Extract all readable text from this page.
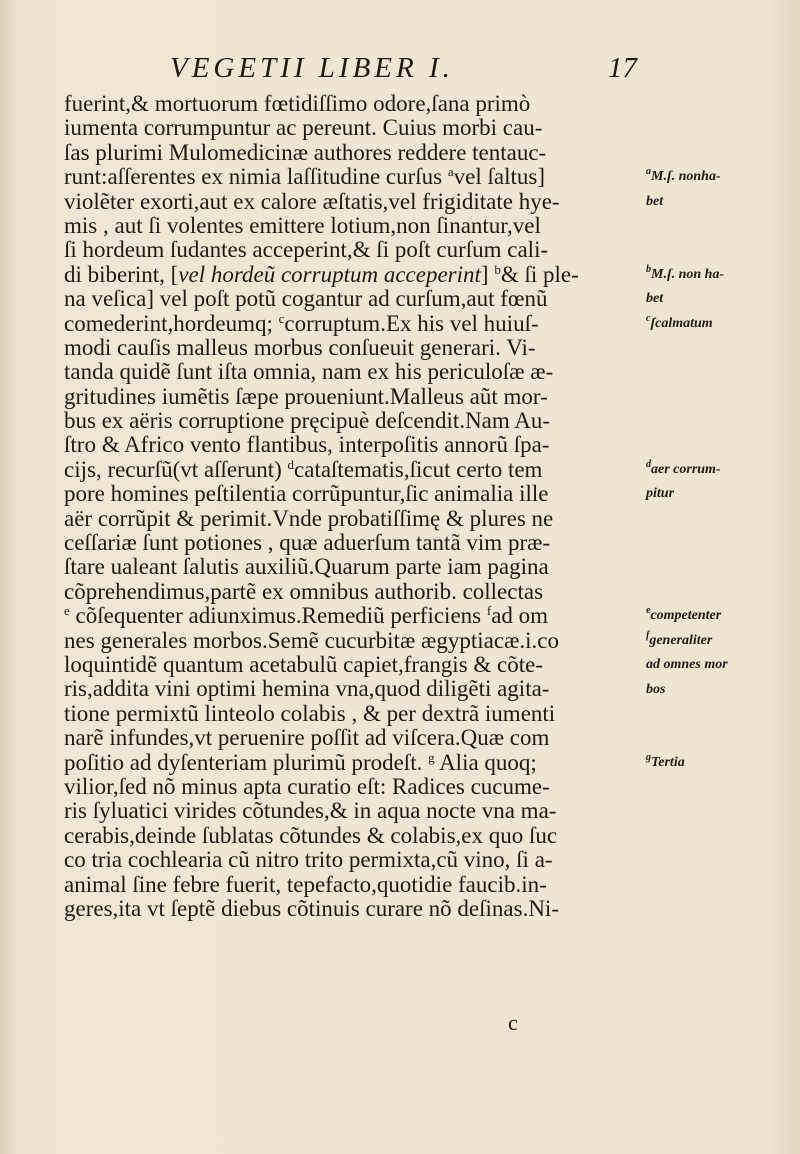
VEGETII LIBER I.	17
fuerint,& mortuorum fœtidiſſimo odore,ſana primò
iumenta corrumpuntur ac pereunt. Cuius morbi cau-
ſas plurimi Mulomedicinæ authores reddere tentauc-
runt:aſſerentes ex nimia laſſitudine curſus $^a$vel ſaltus]
violẽter exorti,aut ex calore æſtatis,vel frigiditate hye-
mis , aut ſi volentes emittere lotium,non ſinantur,vel
ſi hordeum ſudantes acceperint,& ſi poſt curſum cali-
di biberint, [vel hordeũ corruptum acceperint] $^b$& ſi ple-
na veſica] vel poſt potũ cogantur ad curſum,aut fœnũ
comederint,hordeumq; $^c$corruptum.Ex his vel huiuſ-
modi cauſis malleus morbus conſueuit generari. Vi-
tanda quidẽ ſunt iſta omnia, nam ex his periculoſæ æ-
gritudines iumẽtis ſæpe proueniunt.Malleus aũt mor-
bus ex aëris corruptione pręcipuè deſcendit.Nam Au-
ſtro & Africo vento flantibus, interpoſitis annorũ ſpa-
cijs, recurſũ(vt aſſerunt) $^d$cataſtematis,ſicut certo tem
pore homines peſtilentia corrũpuntur,ſic animalia ille
aër corrũpit & perimit.Vnde probatiſſimę & plures ne
ceſſariæ ſunt potiones , quæ aduerſum tantã vim præ-
ſtare ualeant ſalutis auxiliũ.Quarum parte iam pagina
cõprehendimus,partẽ ex omnibus authorib. collectas
$^e$ cõſequenter adiunximus.Remediũ perficiens $^f$ad om
nes generales morbos.Semẽ cucurbitæ ægyptiacæ.i.co
loquintidẽ quantum acetabulũ capiet,frangis & cõte-
ris,addita vini optimi hemina vna,quod diligẽti agita-
tione permixtũ linteolo colabis , & per dextrã iumenti
narẽ infundes,vt peruenire poſſit ad viſcera.Quæ com
poſitio ad dyſenteriam plurimũ prodeſt. $^g$ Alia quoq;
vilior,ſed nõ minus apta curatio eſt: Radices cucume-
ris ſyluatici virides cõtundes,& in aqua nocte vna ma-
cerabis,deinde ſublatas cõtundes & colabis,ex quo ſuc
co tria cochlearia cũ nitro trito permixta,cũ vino, ſi a-
animal ſine febre fuerit, tepefacto,quotidie faucib.in-
geres,ita vt ſeptẽ diebus cõtinuis curare nõ deſinas.Ni-
$^a$M.ſ. nonha-
bet
$^b$M.ſ. non ha-
bet
$^c$ſcalmatum
$^d$aer corrum-
pitur
$^e$competenter
$^f$generaliter
ad omnes mor
bos
$^g$Tertia
c
